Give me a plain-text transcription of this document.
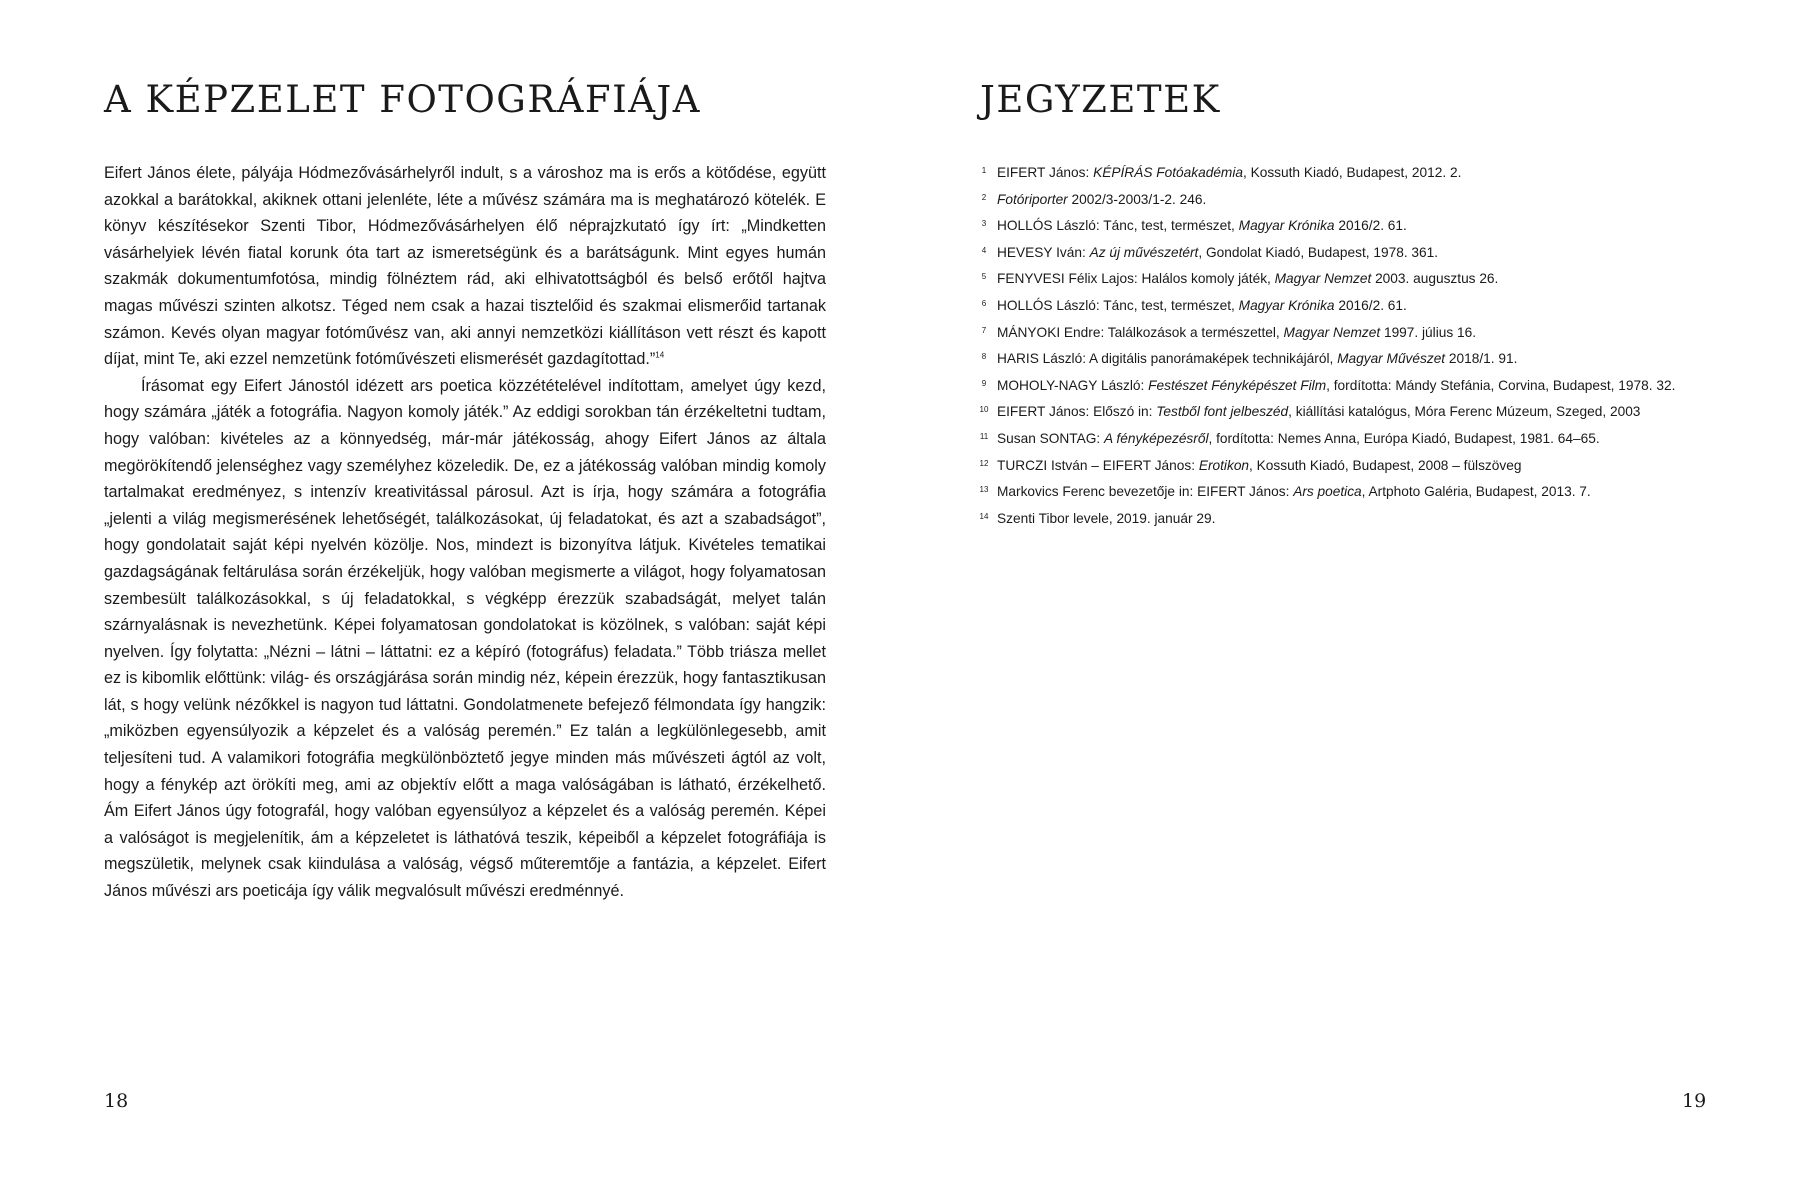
A KÉPZELET FOTOGRÁFIÁJA

Eifert János élete, pályája Hódmezővásárhelyről indult, s a városhoz ma is erős a kötődése, együtt azokkal a barátokkal, akiknek ottani jelenléte, léte a művész számára ma is meghatározó kötelék. E könyv készítésekor Szenti Tibor, Hódmezővásárhelyen élő néprajzkutató így írt: „Mindketten vásárhelyiek lévén fiatal korunk óta tart az ismeretségünk és a barátságunk. Mint egyes humán szakmák dokumentumfotósa, mindig fölnéztem rád, aki elhivatottságból és belső erőtől hajtva magas művészi szinten alkotsz. Téged nem csak a hazai tisztelőid és szakmai elismerőid tartanak számon. Kevés olyan magyar fotóművész van, aki annyi nemzetközi kiállításon vett részt és kapott díjat, mint Te, aki ezzel nemzetünk fotóművészeti elismerését gazdagítottad.”$^{14}$

Írásomat egy Eifert Jánostól idézett ars poetica közzétételével indítottam, amelyet úgy kezd, hogy számára „játék a fotográfia. Nagyon komoly játék.” Az eddigi sorokban tán érzékeltetni tudtam, hogy valóban: kivételes az a könnyedség, már-már játékosság, ahogy Eifert János az általa megörökítendő jelenséghez vagy személyhez közeledik. De, ez a játékosság valóban mindig komoly tartalmakat eredményez, s intenzív kreativitással párosul. Azt is írja, hogy számára a fotográfia „jelenti a világ megismerésének lehetőségét, találkozásokat, új feladatokat, és azt a szabadságot”, hogy gondolatait saját képi nyelvén közölje. Nos, mindezt is bizonyítva látjuk. Kivételes tematikai gazdagságának feltárulása során érzékeljük, hogy valóban megismerte a világot, hogy folyamatosan szembesült találkozásokkal, s új feladatokkal, s végképp érezzük szabadságát, melyet talán szárnyalásnak is nevezhetünk. Képei folyamatosan gondolatokat is közölnek, s valóban: saját képi nyelven. Így folytatta: „Nézni – látni – láttatni: ez a képíró (fotográfus) feladata.” Több triásza mellet ez is kibomlik előttünk: világ- és országjárása során mindig néz, képein érezzük, hogy fantasztikusan lát, s hogy velünk nézőkkel is nagyon tud láttatni. Gondolatmenete befejező félmondata így hangzik: „miközben egyensúlyozik a képzelet és a valóság peremén.” Ez talán a legkülönlegesebb, amit teljesíteni tud. A valamikori fotográfia megkülönböztető jegye minden más művészeti ágtól az volt, hogy a fénykép azt örökíti meg, ami az objektív előtt a maga valóságában is látható, érzékelhető. Ám Eifert János úgy fotografál, hogy valóban egyensúlyoz a képzelet és a valóság peremén. Képei a valóságot is megjelenítik, ám a képzeletet is láthatóvá teszik, képeiből a képzelet fotográfiája is megszületik, melynek csak kiindulása a valóság, végső műteremtője a fantázia, a képzelet. Eifert János művészi ars poeticája így válik megvalósult művészi eredménnyé.

18
JEGYZETEK
1 EIFERT János: KÉPÍRÁS Fotóakadémia, Kossuth Kiadó, Budapest, 2012. 2.
2 Fotóriporter 2002/3-2003/1-2. 246.
3 HOLLÓS László: Tánc, test, természet, Magyar Krónika 2016/2. 61.
4 HEVESY Iván: Az új művészetért, Gondolat Kiadó, Budapest, 1978. 361.
5 FENYVESI Félix Lajos: Halálos komoly játék, Magyar Nemzet 2003. augusztus 26.
6 HOLLÓS László: Tánc, test, természet, Magyar Krónika 2016/2. 61.
7 MÁNYOKI Endre: Találkozások a természettel, Magyar Nemzet 1997. július 16.
8 HARIS László: A digitális panorámaképek technikájáról, Magyar Művészet 2018/1. 91.
9 MOHOLY-NAGY László: Festészet Fényképészet Film, fordította: Mándy Stefánia, Corvina, Budapest, 1978. 32.
10 EIFERT János: Előszó in: Testből font jelbeszéd, kiállítási katalógus, Móra Ferenc Múzeum, Szeged, 2003
11 Susan SONTAG: A fényképezésről, fordította: Nemes Anna, Európa Kiadó, Budapest, 1981. 64–65.
12 TURCZI István – EIFERT János: Erotikon, Kossuth Kiadó, Budapest, 2008 – fülszöveg
13 Markovics Ferenc bevezetője in: EIFERT János: Ars poetica, Artphoto Galéria, Budapest, 2013. 7.
14 Szenti Tibor levele, 2019. január 29.
19
